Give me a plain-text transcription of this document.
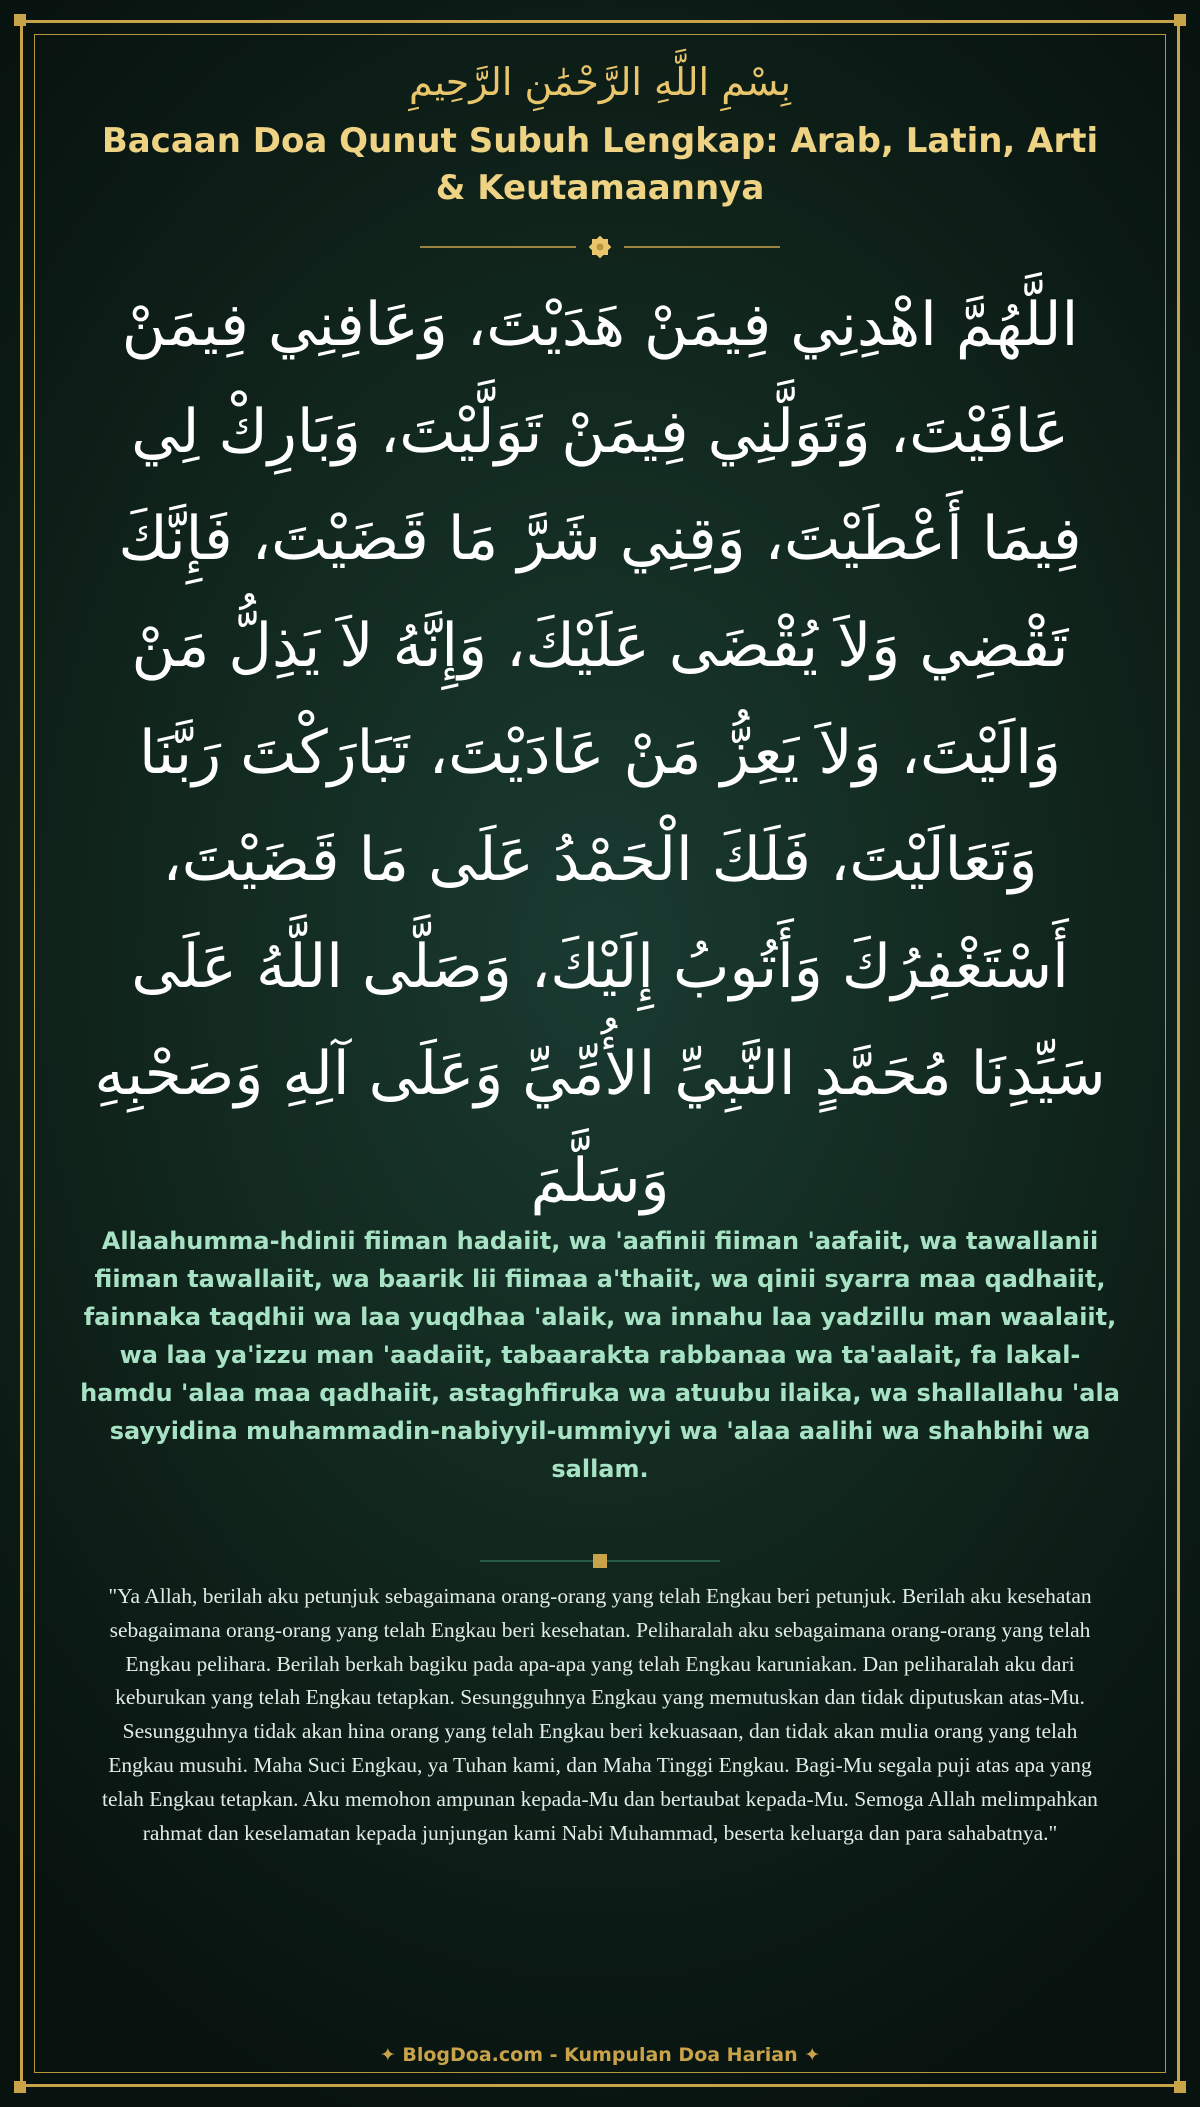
بِسْمِ اللَّهِ الرَّحْمَٰنِ الرَّحِيمِ
Bacaan Doa Qunut Subuh Lengkap: Arab, Latin, Arti & Keutamaannya
اللَّهُمَّ اهْدِنِي فِيمَنْ هَدَيْتَ، وَعَافِنِي فِيمَنْ عَافَيْتَ، وَتَوَلَّنِي فِيمَنْ تَوَلَّيْتَ، وَبَارِكْ لِي فِيمَا أَعْطَيْتَ، وَقِنِي شَرَّ مَا قَضَيْتَ، فَإِنَّكَ تَقْضِي وَلاَ يُقْضَى عَلَيْكَ، وَإِنَّهُ لاَ يَذِلُّ مَنْ وَالَيْتَ، وَلاَ يَعِزُّ مَنْ عَادَيْتَ، تَبَارَكْتَ رَبَّنَا وَتَعَالَيْتَ، فَلَكَ الْحَمْدُ عَلَى مَا قَضَيْتَ، أَسْتَغْفِرُكَ وَأَتُوبُ إِلَيْكَ، وَصَلَّى اللَّهُ عَلَى سَيِّدِنَا مُحَمَّدٍ النَّبِيِّ الأُمِّيِّ وَعَلَى آلِهِ وَصَحْبِهِ وَسَلَّمَ
Allaahumma-hdinii fiiman hadaiit, wa 'aafinii fiiman 'aafaiit, wa tawallanii fiiman tawallaiit, wa baarik lii fiimaa a'thaiit, wa qinii syarra maa qadhaiit, fainnaka taqdhii wa laa yuqdhaa 'alaik, wa innahu laa yadzillu man waalaiit, wa laa ya'izzu man 'aadaiit, tabaarakta rabbanaa wa ta'aalait, fa lakal-hamdu 'alaa maa qadhaiit, astaghfiruka wa atuubu ilaika, wa shallallahu 'ala sayyidina muhammadin-nabiyyil-ummiyyi wa 'alaa aalihi wa shahbihi wa sallam.
"Ya Allah, berilah aku petunjuk sebagaimana orang-orang yang telah Engkau beri petunjuk. Berilah aku kesehatan sebagaimana orang-orang yang telah Engkau beri kesehatan. Peliharalah aku sebagaimana orang-orang yang telah Engkau pelihara. Berilah berkah bagiku pada apa-apa yang telah Engkau karuniakan. Dan peliharalah aku dari keburukan yang telah Engkau tetapkan. Sesungguhnya Engkau yang memutuskan dan tidak diputuskan atas-Mu. Sesungguhnya tidak akan hina orang yang telah Engkau beri kekuasaan, dan tidak akan mulia orang yang telah Engkau musuhi. Maha Suci Engkau, ya Tuhan kami, dan Maha Tinggi Engkau. Bagi-Mu segala puji atas apa yang telah Engkau tetapkan. Aku memohon ampunan kepada-Mu dan bertaubat kepada-Mu. Semoga Allah melimpahkan rahmat dan keselamatan kepada junjungan kami Nabi Muhammad, beserta keluarga dan para sahabatnya."
✦ BlogDoa.com - Kumpulan Doa Harian ✦
